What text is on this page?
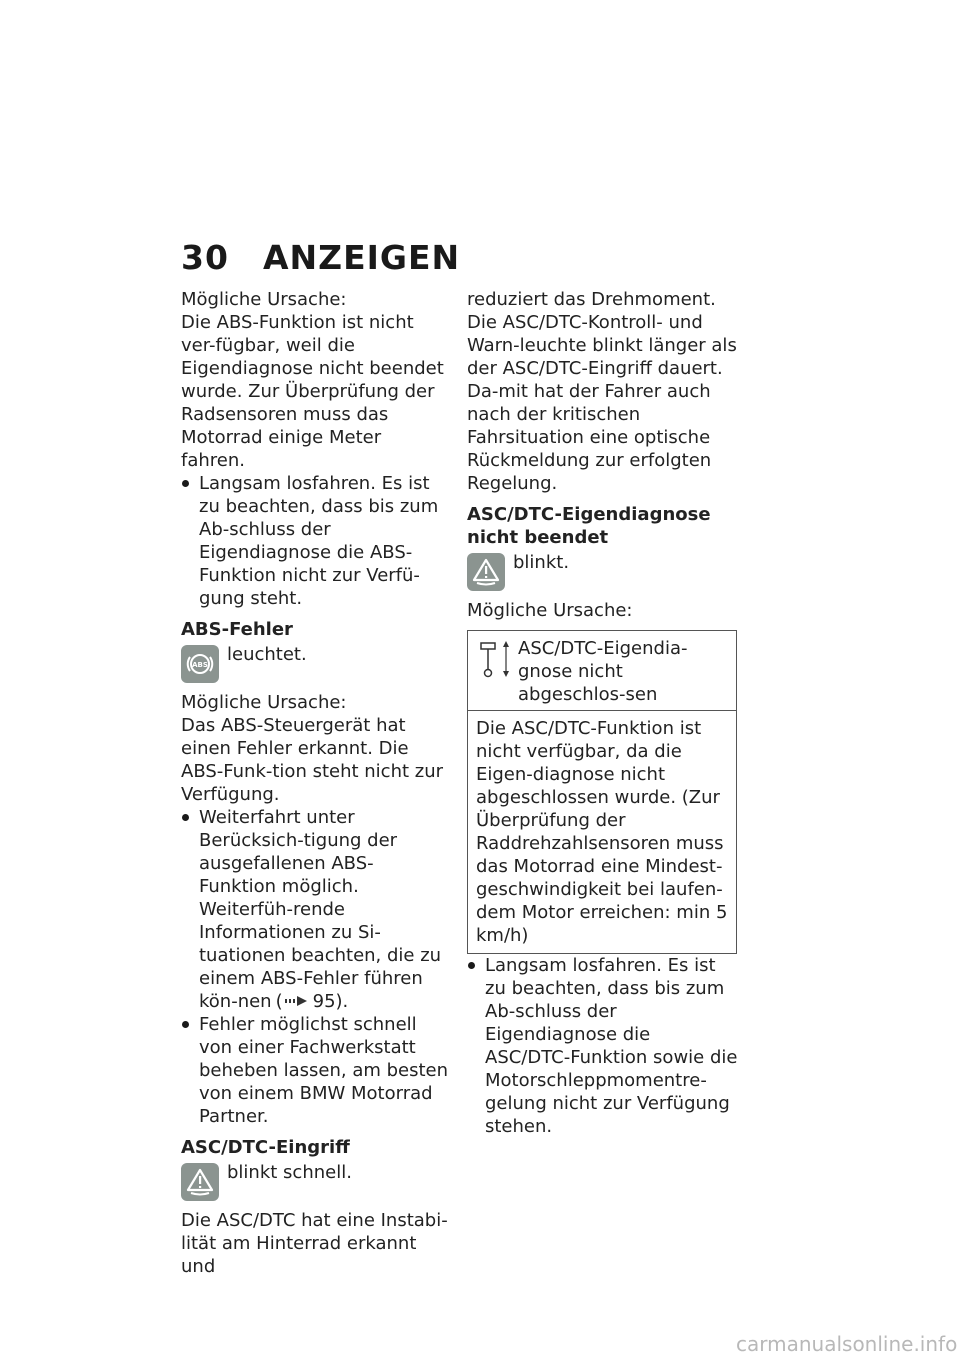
30 ANZEIGEN

Mögliche Ursache:

Die ABS-Funktion ist nicht ver-fügbar, weil die Eigendiagnose nicht beendet wurde. Zur Überprüfung der Radsensoren muss das Motorrad einige Meter fahren.

Langsam losfahren. Es ist zu beachten, dass bis zum Ab-schluss der Eigendiagnose die ABS-Funktion nicht zur Verfü-gung steht.

ABS-Fehler

ABS	leuchtet.

Mögliche Ursache:

Das ABS-Steuergerät hat einen Fehler erkannt. Die ABS-Funk-tion steht nicht zur Verfügung.

Weiterfahrt unter Berücksich-tigung der ausgefallenen ABS-Funktion möglich. Weiterfüh-rende Informationen zu Si-tuationen beachten, die zu einem ABS-Fehler führen kön-nen ( 95).
Fehler möglichst schnell von einer Fachwerkstatt beheben lassen, am besten von einem BMW Motorrad Partner.

ASC/DTC-Eingriff

blinkt schnell.

Die ASC/DTC hat eine Instabi-lität am Hinterrad erkannt und

reduziert das Drehmoment. Die ASC/DTC-Kontroll- und Warn-leuchte blinkt länger als der ASC/DTC-Eingriff dauert. Da-mit hat der Fahrer auch nach der kritischen Fahrsituation eine optische Rückmeldung zur erfolgten Regelung.

ASC/DTC-Eigendiagnose nicht beendet

blinkt.

Mögliche Ursache:

ASC/DTC-Eigendia-gnose nicht abgeschlos-sen
Die ASC/DTC-Funktion ist nicht verfügbar, da die Eigen-diagnose nicht abgeschlossen wurde. (Zur Überprüfung der Raddrehzahlsensoren muss das Motorrad eine Mindest-geschwindigkeit bei laufen-dem Motor erreichen: min 5 km/h)
Langsam losfahren. Es ist zu beachten, dass bis zum Ab-schluss der Eigendiagnose die ASC/DTC-Funktion sowie die Motorschleppmomentre-gelung nicht zur Verfügung stehen.
carmanualsonline.info
